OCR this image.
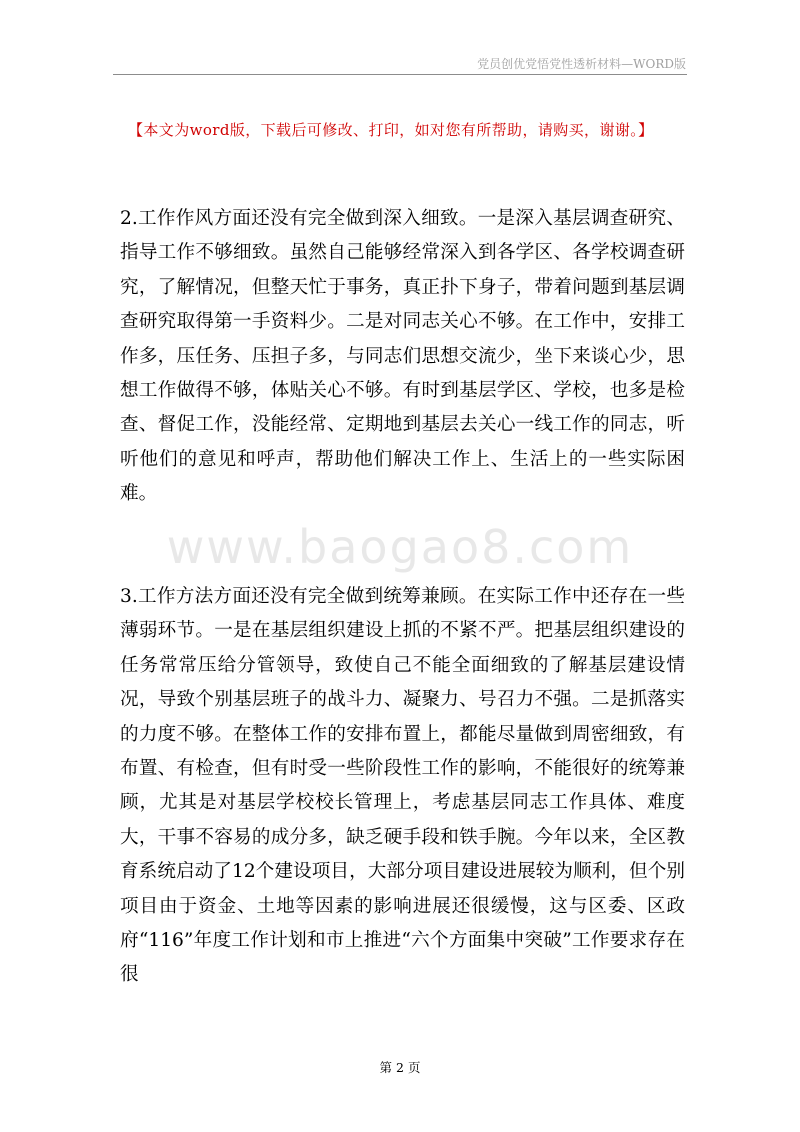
党员创优党悟党性透析材料—WORD版
【本文为word版，下载后可修改、打印，如对您有所帮助，请购买，谢谢。】
2.工作作风方面还没有完全做到深入细致。一是深入基层调查研究、指导工作不够细致。虽然自己能够经常深入到各学区、各学校调查研究，了解情况，但整天忙于事务，真正扑下身子，带着问题到基层调查研究取得第一手资料少。二是对同志关心不够。在工作中，安排工作多，压任务、压担子多，与同志们思想交流少，坐下来谈心少，思想工作做得不够，体贴关心不够。有时到基层学区、学校，也多是检查、督促工作，没能经常、定期地到基层去关心一线工作的同志，听听他们的意见和呼声，帮助他们解决工作上、生活上的一些实际困难。
www.baogao8.com
3.工作方法方面还没有完全做到统筹兼顾。在实际工作中还存在一些薄弱环节。一是在基层组织建设上抓的不紧不严。把基层组织建设的任务常常压给分管领导，致使自己不能全面细致的了解基层建设情况，导致个别基层班子的战斗力、凝聚力、号召力不强。二是抓落实的力度不够。在整体工作的安排布置上，都能尽量做到周密细致，有布置、有检查，但有时受一些阶段性工作的影响，不能很好的统筹兼顾，尤其是对基层学校校长管理上，考虑基层同志工作具体、难度大，干事不容易的成分多，缺乏硬手段和铁手腕。今年以来，全区教育系统启动了12个建设项目，大部分项目建设进展较为顺利，但个别项目由于资金、土地等因素的影响进展还很缓慢，这与区委、区政府“116”年度工作计划和市上推进“六个方面集中突破”工作要求存在很
第 2 页
